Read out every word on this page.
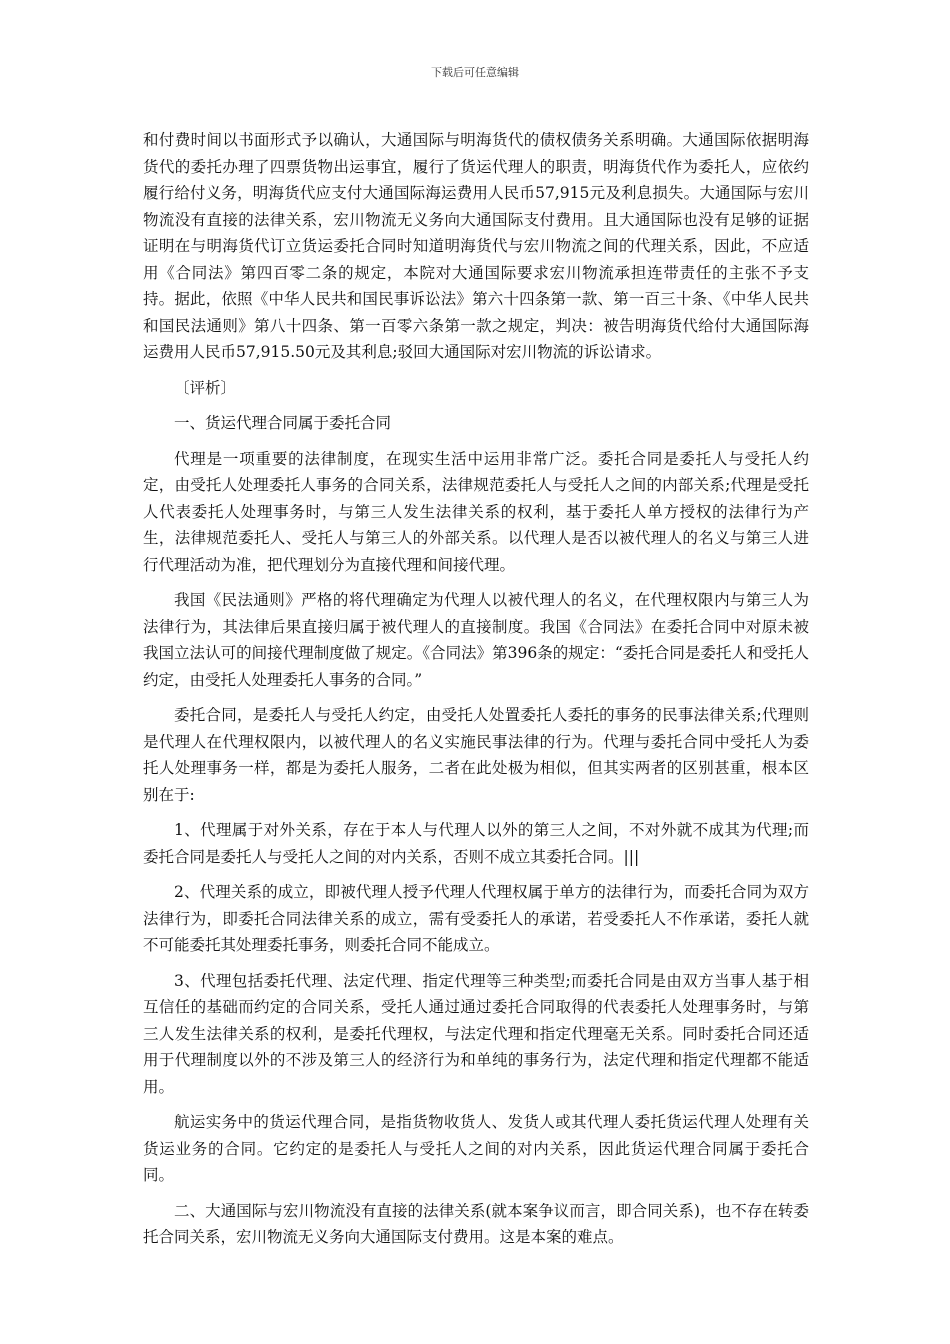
下载后可任意编辑

和付费时间以书面形式予以确认，大通国际与明海货代的债权债务关系明确。大通国际依据明海货代的委托办理了四票货物出运事宜，履行了货运代理人的职责，明海货代作为委托人，应依约履行给付义务，明海货代应支付大通国际海运费用人民币57,915元及利息损失。大通国际与宏川物流没有直接的法律关系，宏川物流无义务向大通国际支付费用。且大通国际也没有足够的证据证明在与明海货代订立货运委托合同时知道明海货代与宏川物流之间的代理关系，因此，不应适用《合同法》第四百零二条的规定，本院对大通国际要求宏川物流承担连带责任的主张不予支持。据此，依照《中华人民共和国民事诉讼法》第六十四条第一款、第一百三十条、《中华人民共和国民法通则》第八十四条、第一百零六条第一款之规定，判决：被告明海货代给付大通国际海运费用人民币57,915.50元及其利息;驳回大通国际对宏川物流的诉讼请求。

〔评析〕

一、货运代理合同属于委托合同

代理是一项重要的法律制度，在现实生活中运用非常广泛。委托合同是委托人与受托人约定，由受托人处理委托人事务的合同关系，法律规范委托人与受托人之间的内部关系;代理是受托人代表委托人处理事务时，与第三人发生法律关系的权利，基于委托人单方授权的法律行为产生，法律规范委托人、受托人与第三人的外部关系。以代理人是否以被代理人的名义与第三人进行代理活动为准，把代理划分为直接代理和间接代理。

我国《民法通则》严格的将代理确定为代理人以被代理人的名义，在代理权限内与第三人为法律行为，其法律后果直接归属于被代理人的直接制度。我国《合同法》在委托合同中对原未被我国立法认可的间接代理制度做了规定。《合同法》第396条的规定：“委托合同是委托人和受托人约定，由受托人处理委托人事务的合同。”

委托合同，是委托人与受托人约定，由受托人处置委托人委托的事务的民事法律关系;代理则是代理人在代理权限内，以被代理人的名义实施民事法律的行为。代理与委托合同中受托人为委托人处理事务一样，都是为委托人服务，二者在此处极为相似，但其实两者的区别甚重，根本区别在于:

1、代理属于对外关系，存在于本人与代理人以外的第三人之间，不对外就不成其为代理;而委托合同是委托人与受托人之间的对内关系，否则不成立其委托合同。|||

2、代理关系的成立，即被代理人授予代理人代理权属于单方的法律行为，而委托合同为双方法律行为，即委托合同法律关系的成立，需有受委托人的承诺，若受委托人不作承诺，委托人就不可能委托其处理委托事务，则委托合同不能成立。

3、代理包括委托代理、法定代理、指定代理等三种类型;而委托合同是由双方当事人基于相互信任的基础而约定的合同关系，受托人通过通过委托合同取得的代表委托人处理事务时，与第三人发生法律关系的权利，是委托代理权，与法定代理和指定代理毫无关系。同时委托合同还适用于代理制度以外的不涉及第三人的经济行为和单纯的事务行为，法定代理和指定代理都不能适用。

航运实务中的货运代理合同，是指货物收货人、发货人或其代理人委托货运代理人处理有关货运业务的合同。它约定的是委托人与受托人之间的对内关系，因此货运代理合同属于委托合同。

二、大通国际与宏川物流没有直接的法律关系(就本案争议而言，即合同关系)，也不存在转委托合同关系，宏川物流无义务向大通国际支付费用。这是本案的难点。
